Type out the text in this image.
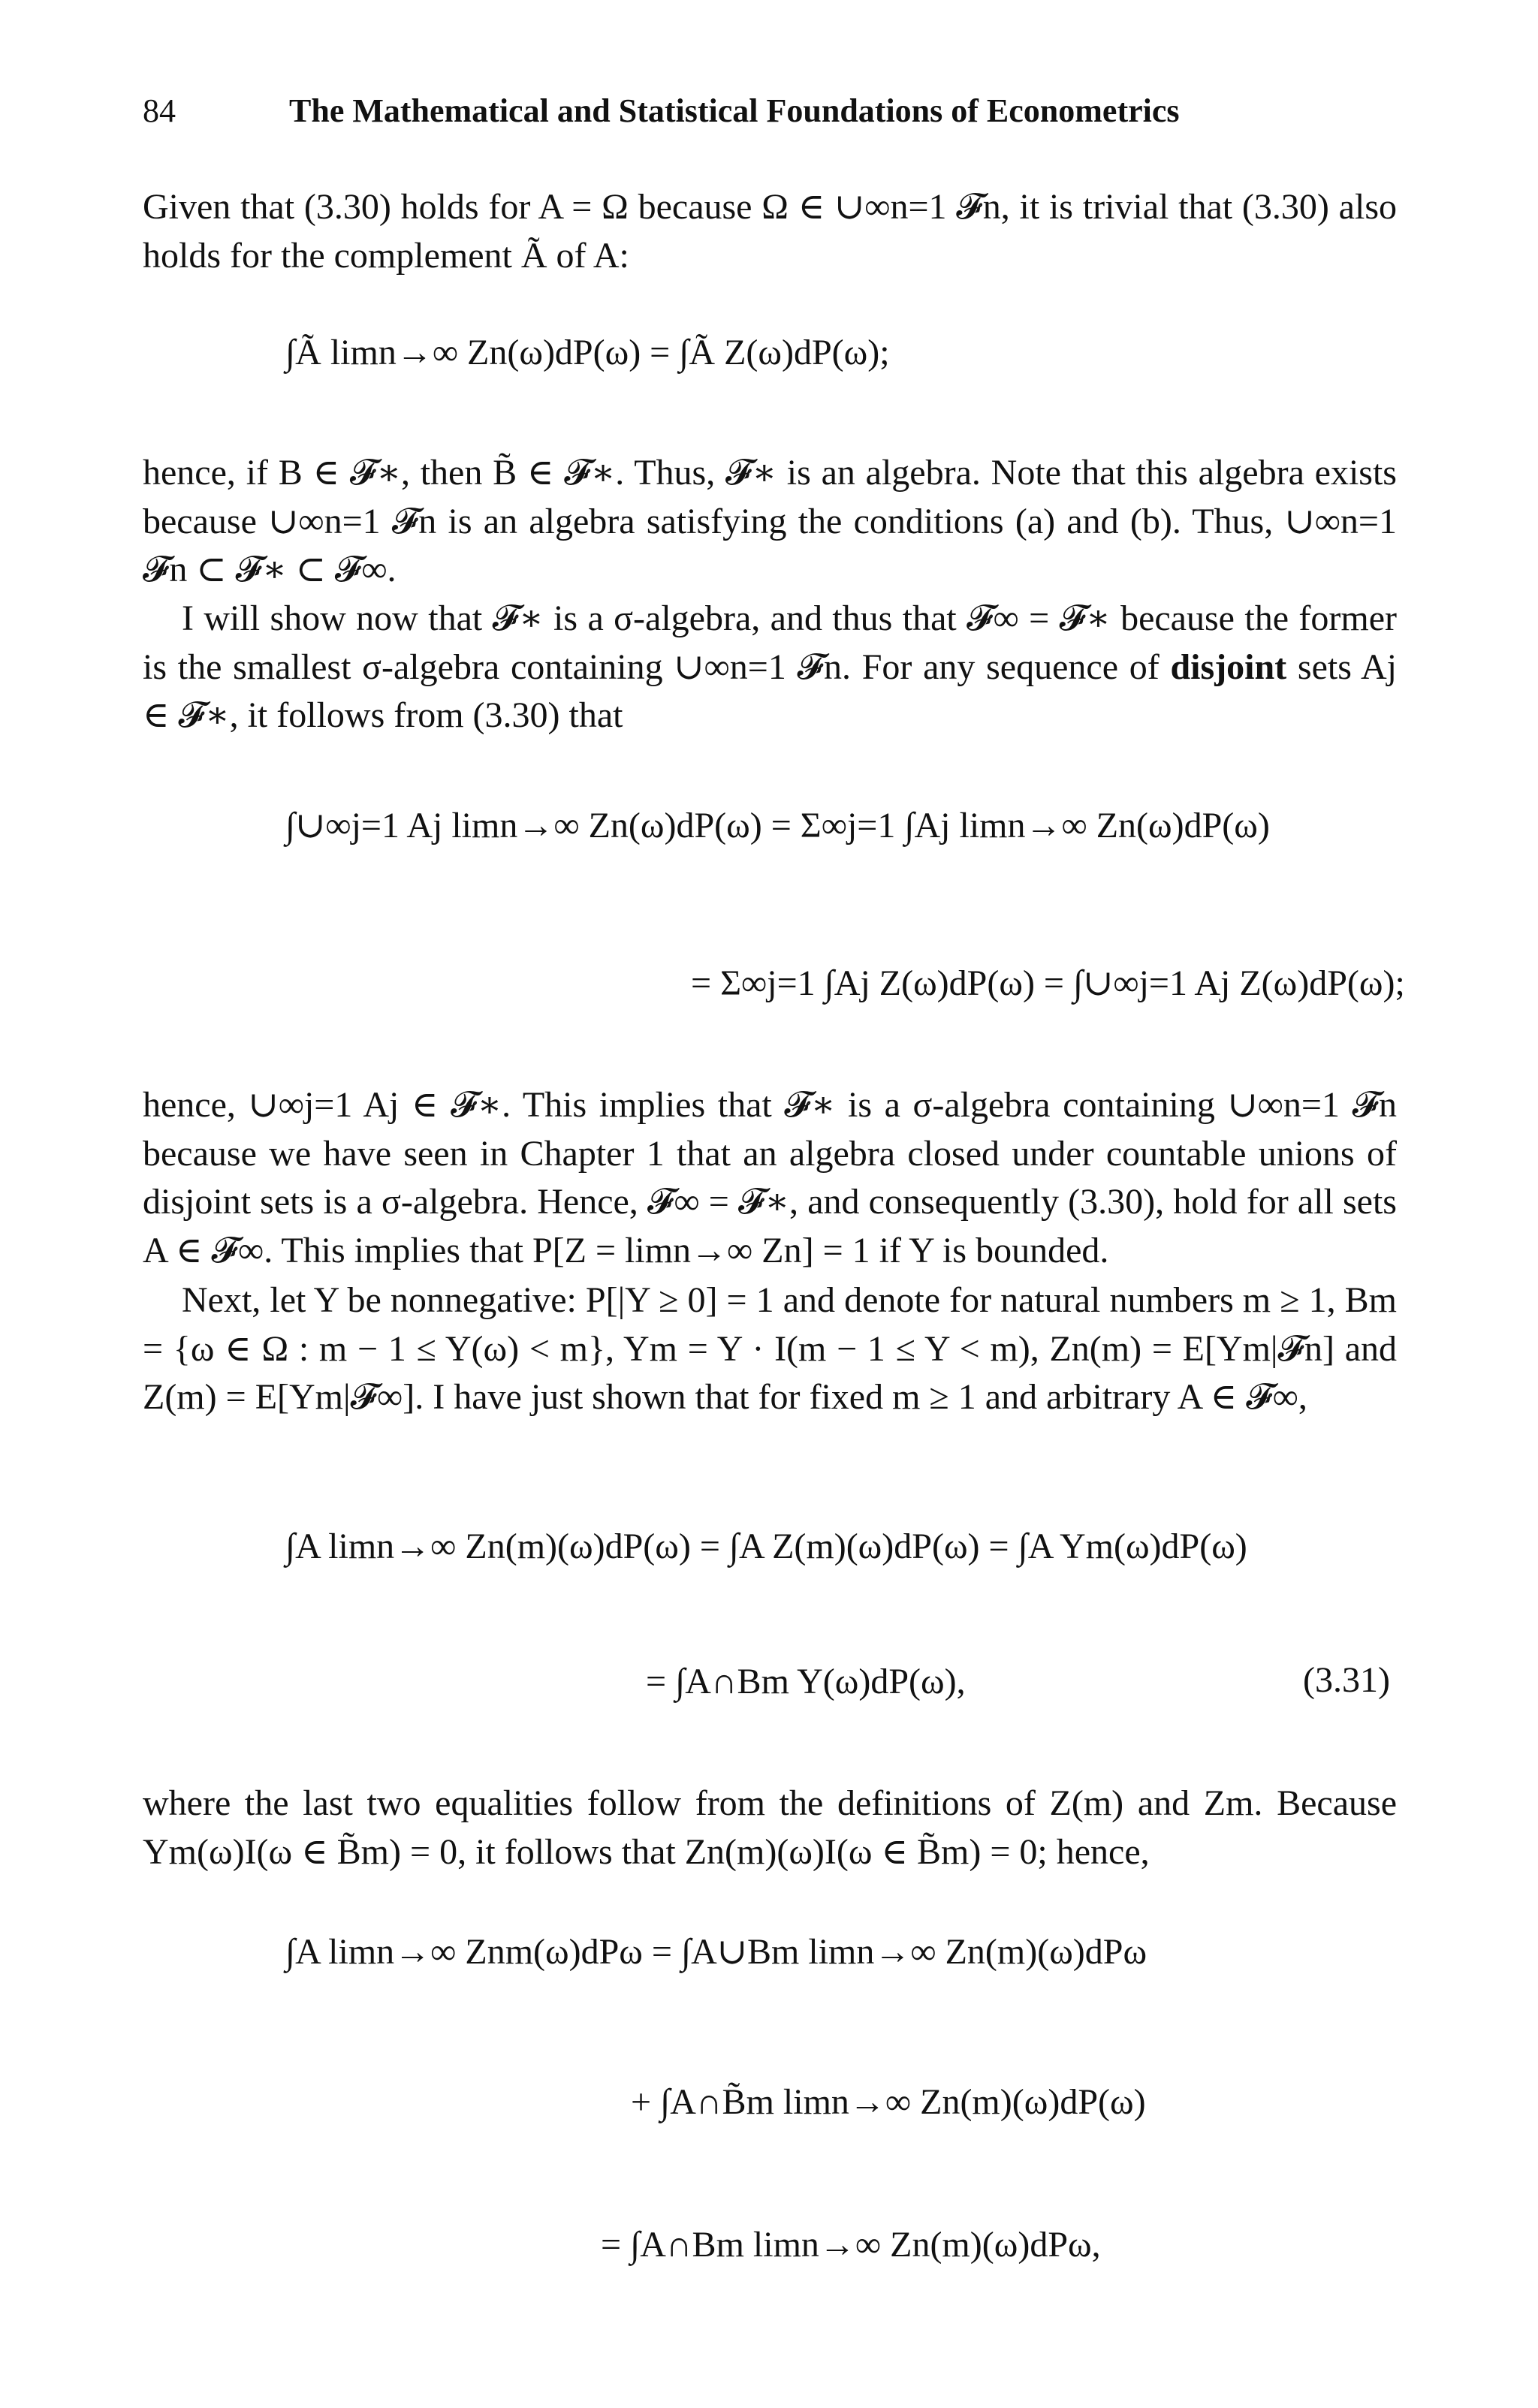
84	The Mathematical and Statistical Foundations of Econometrics
Given that (3.30) holds for A = Ω because Ω ∈ ∪∞n=1 𝓕n, it is trivial that (3.30) also holds for the complement Ã of A:
∫Ã limn→∞ Zn(ω)dP(ω) = ∫Ã Z(ω)dP(ω);
hence, if B ∈ 𝓕∗, then B̃ ∈ 𝓕∗. Thus, 𝓕∗ is an algebra. Note that this algebra exists because ∪∞n=1 𝓕n is an algebra satisfying the conditions (a) and (b). Thus, ∪∞n=1 𝓕n ⊂ 𝓕∗ ⊂ 𝓕∞.
I will show now that 𝓕∗ is a σ-algebra, and thus that 𝓕∞ = 𝓕∗ because the former is the smallest σ-algebra containing ∪∞n=1 𝓕n. For any sequence of disjoint sets Aj ∈ 𝓕∗, it follows from (3.30) that
∫∪∞j=1 Aj limn→∞ Zn(ω)dP(ω) = Σ∞j=1 ∫Aj limn→∞ Zn(ω)dP(ω)
= Σ∞j=1 ∫Aj Z(ω)dP(ω) = ∫∪∞j=1 Aj Z(ω)dP(ω);
hence, ∪∞j=1 Aj ∈ 𝓕∗. This implies that 𝓕∗ is a σ-algebra containing ∪∞n=1 𝓕n because we have seen in Chapter 1 that an algebra closed under countable unions of disjoint sets is a σ-algebra. Hence, 𝓕∞ = 𝓕∗, and consequently (3.30), hold for all sets A ∈ 𝓕∞. This implies that P[Z = limn→∞ Zn] = 1 if Y is bounded.
Next, let Y be nonnegative: P[|Y ≥ 0] = 1 and denote for natural numbers m ≥ 1, Bm = {ω ∈ Ω : m − 1 ≤ Y(ω) < m}, Ym = Y · I(m − 1 ≤ Y < m), Zn(m) = E[Ym|𝓕n] and Z(m) = E[Ym|𝓕∞]. I have just shown that for fixed m ≥ 1 and arbitrary A ∈ 𝓕∞,
∫A limn→∞ Zn(m)(ω)dP(ω) = ∫A Z(m)(ω)dP(ω) = ∫A Ym(ω)dP(ω)
= ∫A∩Bm Y(ω)dP(ω),	(3.31)
where the last two equalities follow from the definitions of Z(m) and Zm. Because Ym(ω)I(ω ∈ B̃m) = 0, it follows that Zn(m)(ω)I(ω ∈ B̃m) = 0; hence,
∫A limn→∞ Znm(ω)dPω = ∫A∪Bm limn→∞ Zn(m)(ω)dPω
+ ∫A∩B̃m limn→∞ Zn(m)(ω)dP(ω)
= ∫A∩Bm limn→∞ Zn(m)(ω)dPω,
